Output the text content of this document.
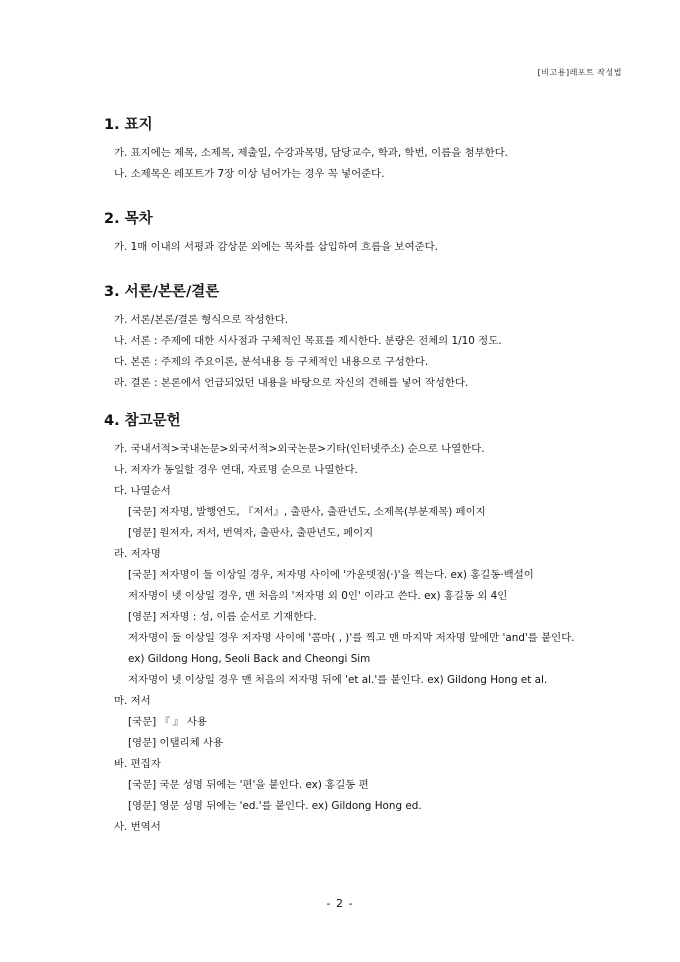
[비고용]레포트 작성법
1. 표지
가. 표지에는 제목, 소제목, 제출일, 수강과목명, 담당교수, 학과, 학번, 이름을 첨부한다.
나. 소제목은 레포트가 7장 이상 넘어가는 경우 꼭 넣어준다.
2. 목차
가. 1매 이내의 서평과 감상문 외에는 목차를 삽입하여 흐름을 보여준다.
3. 서론/본론/결론
가. 서론/본론/결론 형식으로 작성한다.
나. 서론 : 주제에 대한 시사점과 구체적인 목표를 제시한다. 분량은 전체의 1/10 정도.
다. 본론 : 주제의 주요이론, 분석내용 등 구체적인 내용으로 구성한다.
라. 결론 : 본론에서 언급되었던 내용을 바탕으로 자신의 견해를 넣어 작성한다.
4. 참고문헌
가. 국내서적>국내논문>외국서적>외국논문>기타(인터넷주소) 순으로 나열한다.
나. 저자가 동일할 경우 연대, 자료명 순으로 나열한다.
다. 나열순서
[국문] 저자명, 발행연도, 『저서』, 출판사, 출판년도, 소제목(부분제목) 페이지
[영문] 원저자, 저서, 번역자, 출판사, 출판년도, 페이지
라. 저자명
[국문] 저자명이 둘 이상일 경우, 저자명 사이에 '가운뎃점(·)'을 찍는다. ex) 홍길동·백설이
저자명이 넷 이상일 경우, 맨 처음의 '저자명 외 0인' 이라고 쓴다. ex) 홍길동 외 4인
[영문] 저자명 : 성, 이름 순서로 기재한다.
저자명이 둘 이상일 경우 저자명 사이에 '콤마( , )'를 찍고 맨 마지막 저자명 앞에만 'and'를 붙인다. ex) Gildong Hong, Seoli Back and Cheongi Sim
저자명이 넷 이상일 경우 맨 처음의 저자명 뒤에 'et al.'를 붙인다. ex) Gildong Hong et al.
마. 저서
[국문] 『 』 사용
[영문] 이탤리체 사용
바. 편집자
[국문] 국문 성명 뒤에는 '편'을 붙인다. ex) 홍길동 편
[영문] 영문 성명 뒤에는 'ed.'를 붙인다. ex) Gildong Hong ed.
사. 번역서
- 2 -
